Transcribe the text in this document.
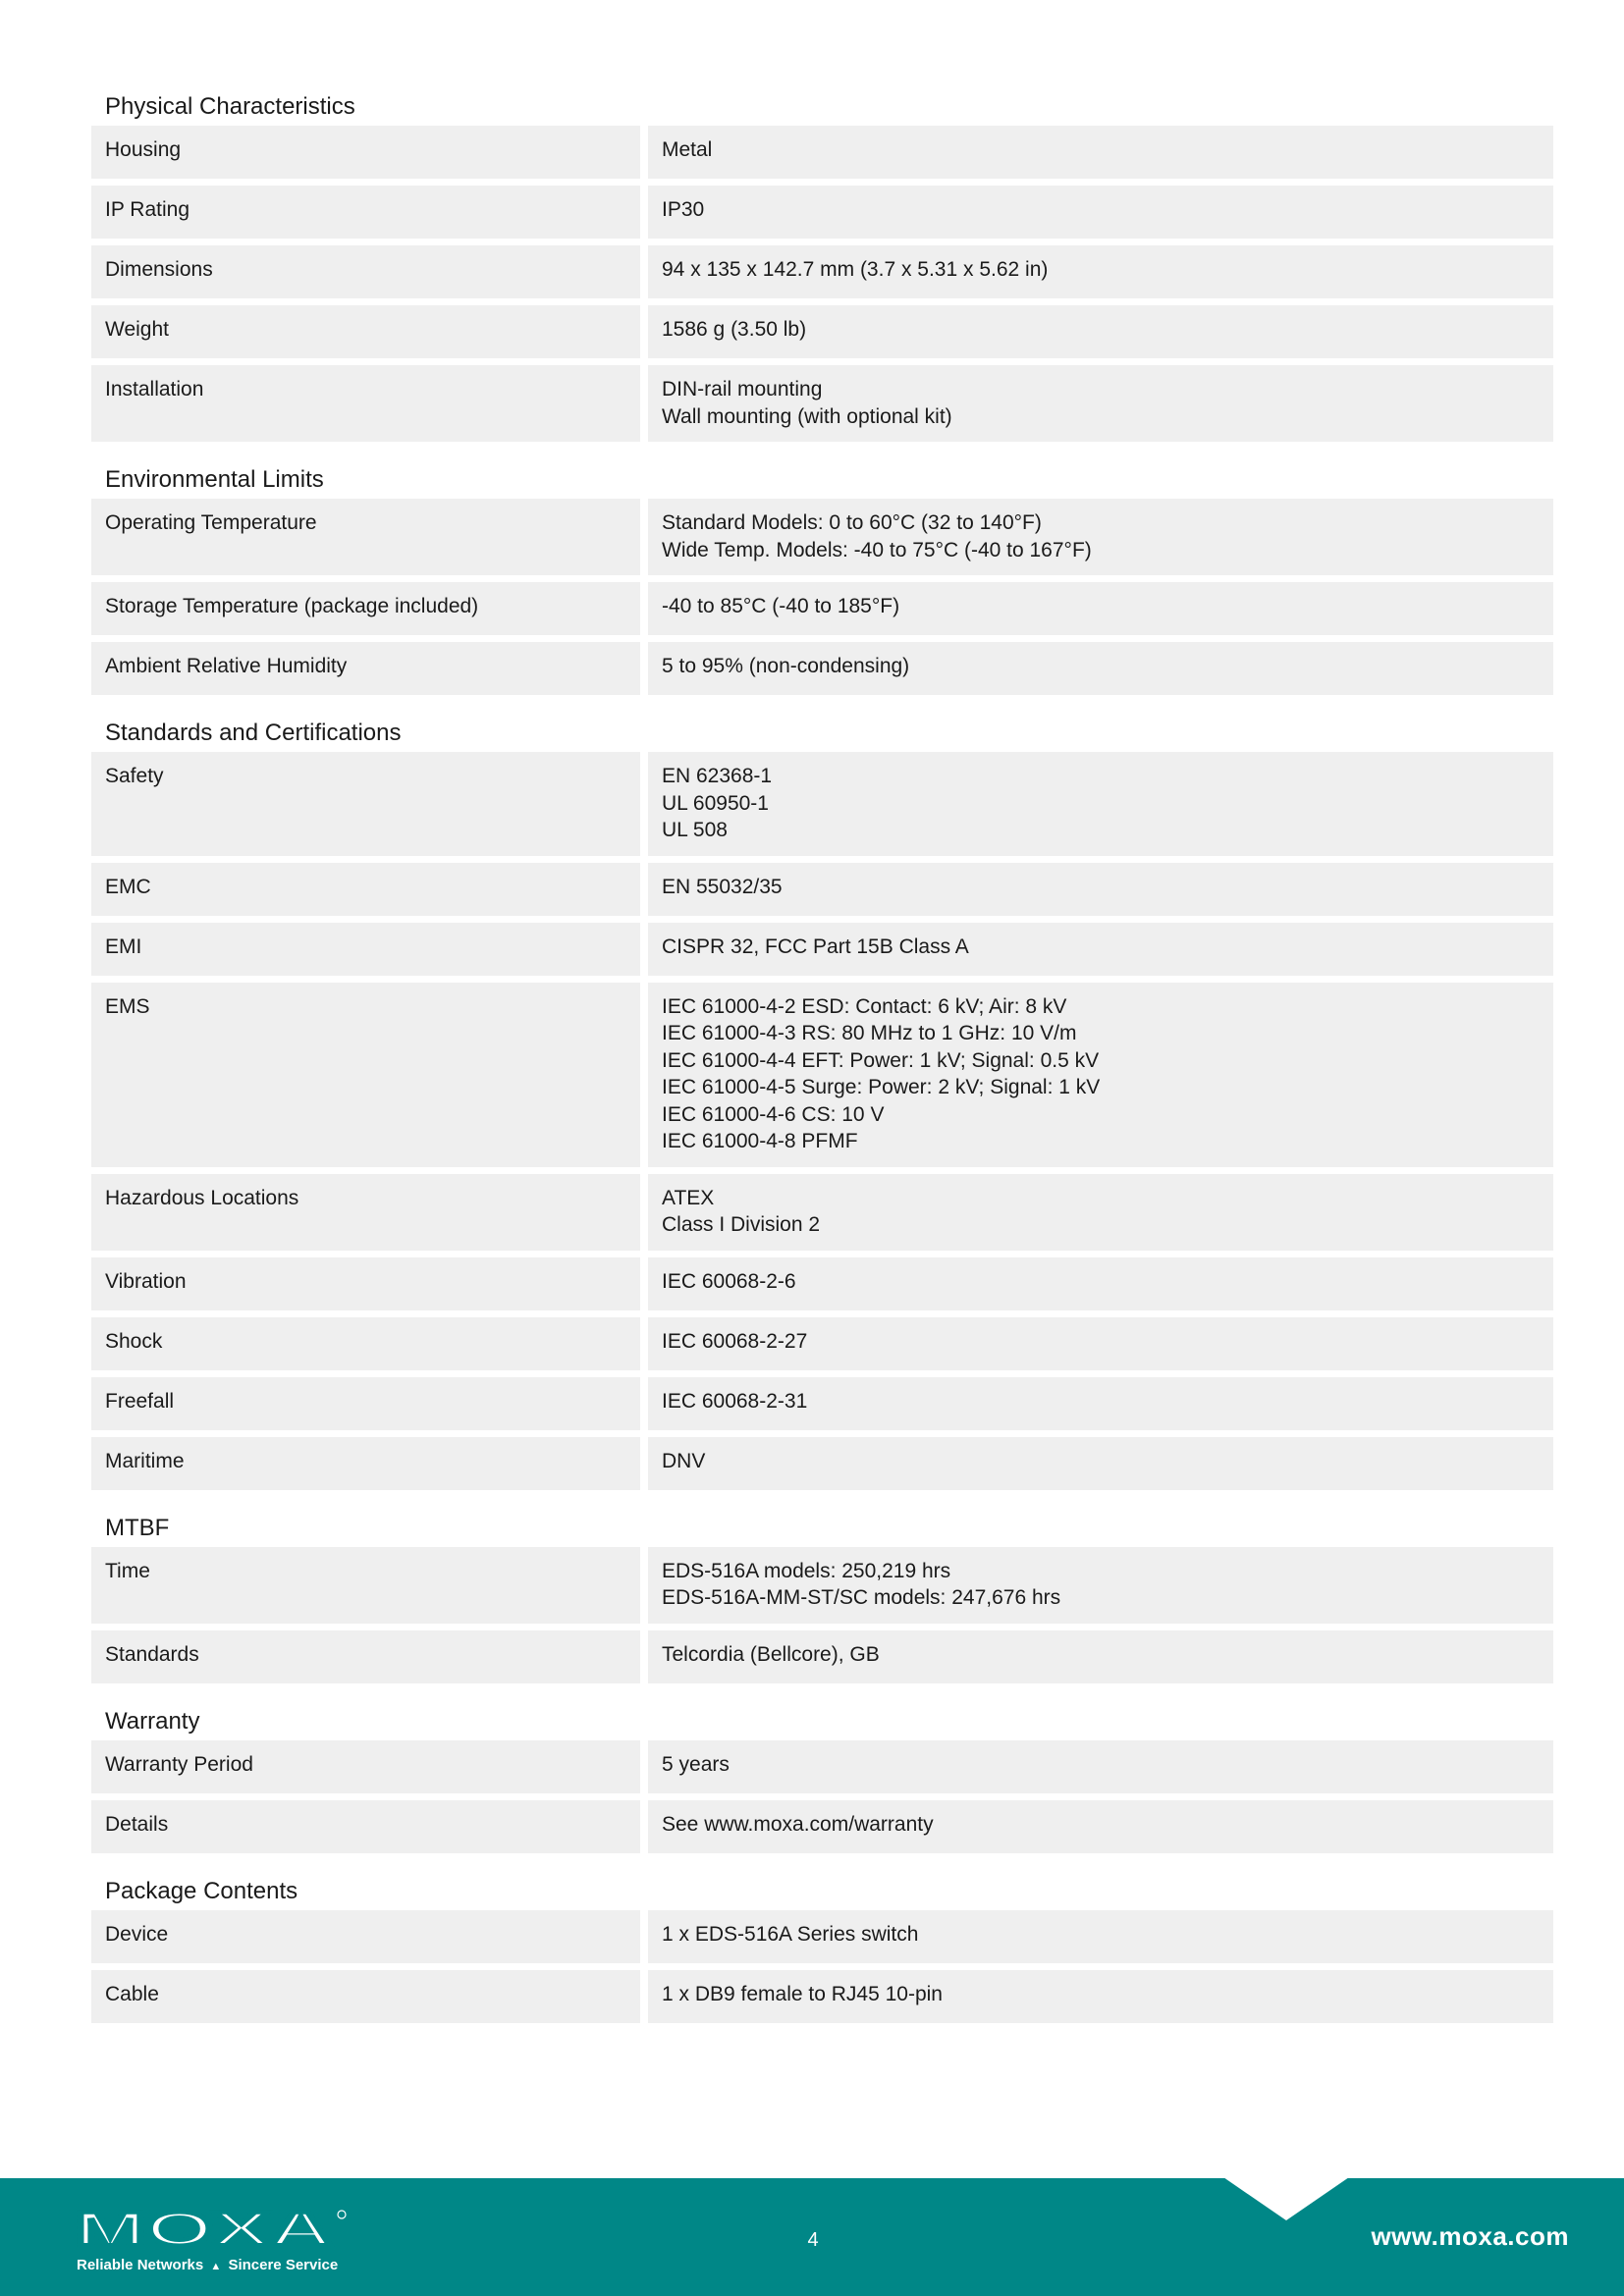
Physical Characteristics
Housing	Metal
IP Rating	IP30
Dimensions	94 x 135 x 142.7 mm (3.7 x 5.31 x 5.62 in)
Weight	1586 g (3.50 lb)
Installation	DIN-rail mounting
Wall mounting (with optional kit)
Environmental Limits
Operating Temperature	Standard Models: 0 to 60°C (32 to 140°F)
Wide Temp. Models: -40 to 75°C (-40 to 167°F)
Storage Temperature (package included)	-40 to 85°C (-40 to 185°F)
Ambient Relative Humidity	5 to 95% (non-condensing)
Standards and Certifications
Safety	EN 62368-1
UL 60950-1
UL 508
EMC	EN 55032/35
EMI	CISPR 32, FCC Part 15B Class A
EMS	IEC 61000-4-2 ESD: Contact: 6 kV; Air: 8 kV
IEC 61000-4-3 RS: 80 MHz to 1 GHz: 10 V/m
IEC 61000-4-4 EFT: Power: 1 kV; Signal: 0.5 kV
IEC 61000-4-5 Surge: Power: 2 kV; Signal: 1 kV
IEC 61000-4-6 CS: 10 V
IEC 61000-4-8 PFMF
Hazardous Locations	ATEX
Class I Division 2
Vibration	IEC 60068-2-6
Shock	IEC 60068-2-27
Freefall	IEC 60068-2-31
Maritime	DNV
MTBF
Time	EDS-516A models: 250,219 hrs
EDS-516A-MM-ST/SC models: 247,676 hrs
Standards	Telcordia (Bellcore), GB
Warranty
Warranty Period	5 years
Details	See www.moxa.com/warranty
Package Contents
Device	1 x EDS-516A Series switch
Cable	1 x DB9 female to RJ45 10-pin
MOXA
Reliable Networks ▲ Sincere Service
4	www.moxa.com
